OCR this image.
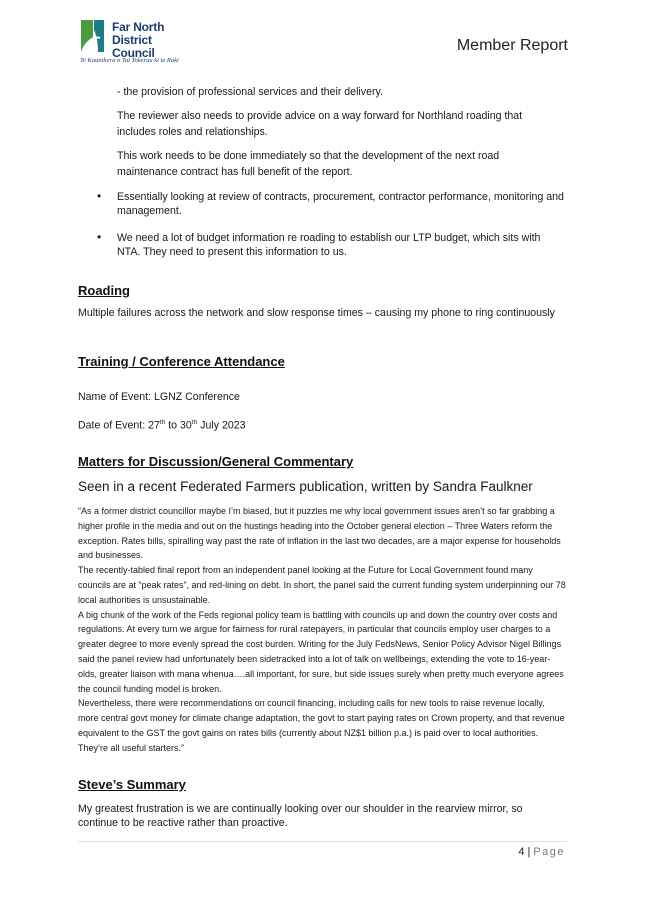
Far North
District Council
Te Kaunihera o Tai Tokerau ki te Raki
Member Report
- the provision of professional services and their delivery.
The reviewer also needs to provide advice on a way forward for Northland roading that includes roles and relationships.
This work needs to be done immediately so that the development of the next road maintenance contract has full benefit of the report.
• Essentially looking at review of contracts, procurement, contractor performance, monitoring and management.
• We need a lot of budget information re roading to establish our LTP budget, which sits with NTA. They need to present this information to us.
Roading
Multiple failures across the network and slow response times – causing my phone to ring continuously
Training / Conference Attendance
Name of Event: LGNZ Conference
Date of Event: 27th to 30th July 2023
Matters for Discussion/General Commentary
Seen in a recent Federated Farmers publication, written by Sandra Faulkner

“As a former district councillor maybe I’m biased, but it puzzles me why local government issues aren’t so far grabbing a higher profile in the media and out on the hustings heading into the October general election – Three Waters reform the exception. Rates bills, spiralling way past the rate of inflation in the last two decades, are a major expense for households and businesses.

The recently-tabled final report from an independent panel looking at the Future for Local Government found many councils are at “peak rates”, and red-lining on debt. In short, the panel said the current funding system underpinning our 78 local authorities is unsustainable.

A big chunk of the work of the Feds regional policy team is battling with councils up and down the country over costs and regulations. At every turn we argue for fairness for rural ratepayers, in particular that councils employ user charges to a greater degree to more evenly spread the cost burden. Writing for the July FedsNews, Senior Policy Advisor Nigel Billings said the panel review had unfortunately been sidetracked into a lot of talk on wellbeings, extending the vote to 16-year-olds, greater liaison with mana whenua….all important, for sure, but side issues surely when pretty much everyone agrees the council funding model is broken.

Nevertheless, there were recommendations on council financing, including calls for new tools to raise revenue locally, more central govt money for climate change adaptation, the govt to start paying rates on Crown property, and that revenue equivalent to the GST the govt gains on rates bills (currently about NZ$1 billion p.a.) is paid over to local authorities. They’re all useful starters.”

Steve’s Summary
My greatest frustration is we are continually looking over our shoulder in the rearview mirror, so continue to be reactive rather than proactive.
4 | Page
